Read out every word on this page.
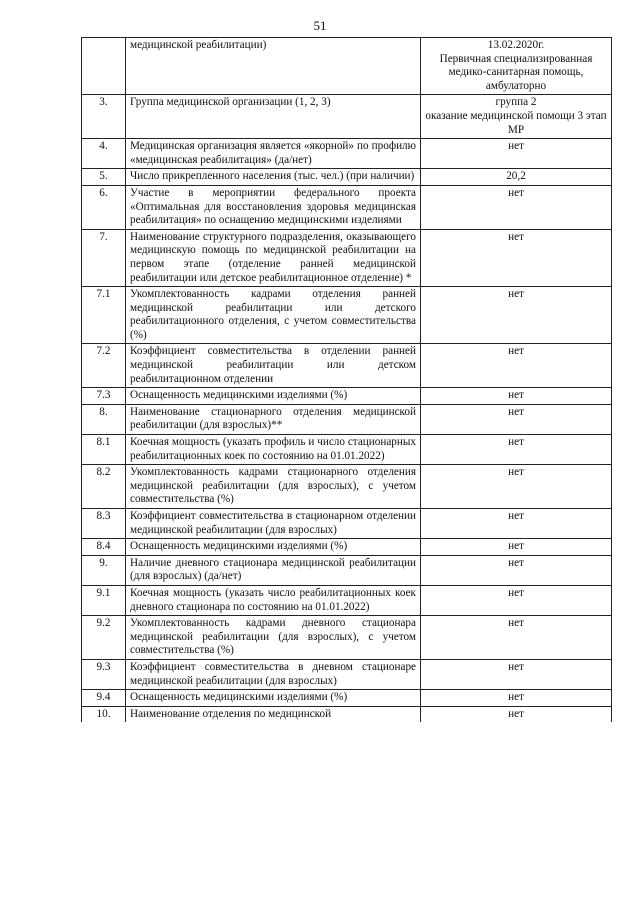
51
	медицинской реабилитации)	13.02.2020г.
Первичная специализированная медико-санитарная помощь, амбулаторно
3.	Группа медицинской организации (1, 2, 3)	группа 2
оказание медицинской помощи 3 этап МР
4.	Медицинская организация является «якорной» по профилю «медицинская реабилитация» (да/нет)	нет
5.	Число прикрепленного населения (тыс. чел.) (при наличии)	20,2
6.	Участие в мероприятии федерального проекта «Оптимальная для восстановления здоровья медицинская реабилитация» по оснащению медицинскими изделиями	нет
7.	Наименование структурного подразделения, оказывающего медицинскую помощь по медицинской реабилитации на первом этапе (отделение ранней медицинской реабилитации или детское реабилитационное отделение) *	нет
7.1	Укомплектованность кадрами отделения ранней медицинской реабилитации или детского реабилитационного отделения, с учетом совместительства (%)	нет
7.2	Коэффициент совместительства в отделении ранней медицинской реабилитации или детском реабилитационном отделении	нет
7.3	Оснащенность медицинскими изделиями (%)	нет
8.	Наименование стационарного отделения медицинской реабилитации (для взрослых)**	нет
8.1	Коечная мощность (указать профиль и число стационарных реабилитационных коек по состоянию на 01.01.2022)	нет
8.2	Укомплектованность кадрами стационарного отделения медицинской реабилитации (для взрослых), с учетом совместительства (%)	нет
8.3	Коэффициент совместительства в стационарном отделении медицинской реабилитации (для взрослых)	нет
8.4	Оснащенность медицинскими изделиями (%)	нет
9.	Наличие дневного стационара медицинской реабилитации (для взрослых) (да/нет)	нет
9.1	Коечная мощность (указать число реабилитационных коек дневного стационара по состоянию на 01.01.2022)	нет
9.2	Укомплектованность кадрами дневного стационара медицинской реабилитации (для взрослых), с учетом совместительства (%)	нет
9.3	Коэффициент совместительства в дневном стационаре медицинской реабилитации (для взрослых)	нет
9.4	Оснащенность медицинскими изделиями (%)	нет
10.	Наименование отделения по медицинской	нет
